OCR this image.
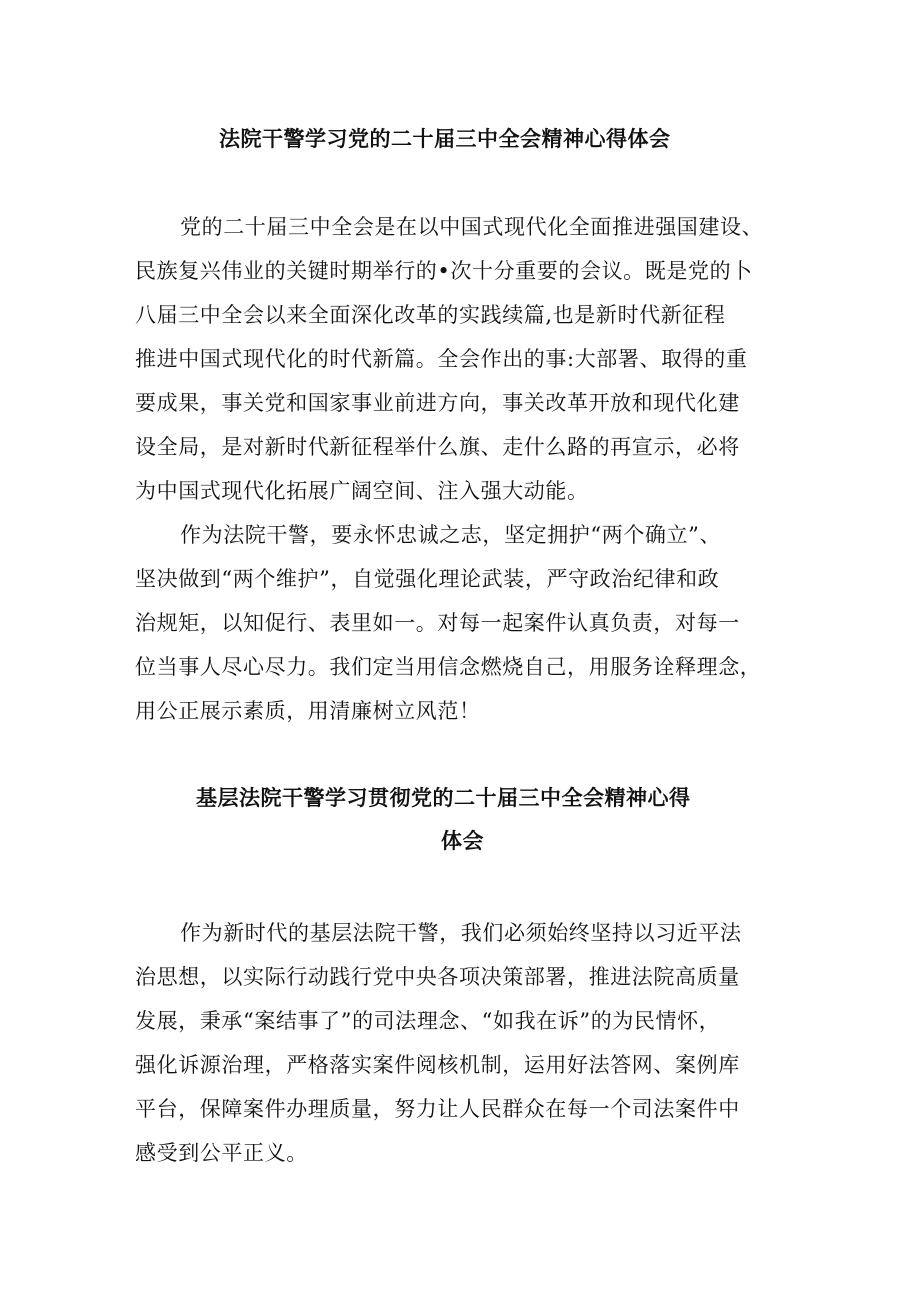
法院干警学习党的二十届三中全会精神心得体会
党的二十届三中全会是在以中国式现代化全面推进强国建设、
民族复兴伟业的关键时期举行的•次十分重要的会议。既是党的卜
八届三中全会以来全面深化改革的实践续篇,也是新时代新征程
推进中国式现代化的时代新篇。全会作出的事:大部署、取得的重
要成果，事关党和国家事业前进方向，事关改革开放和现代化建
设全局，是对新时代新征程举什么旗、走什么路的再宣示，必将
为中国式现代化拓展广阔空间、注入强大动能。
作为法院干警，要永怀忠诚之志，坚定拥护“两个确立”、
坚决做到“两个维护”，自觉强化理论武装，严守政治纪律和政
治规矩，以知促行、表里如一。对每一起案件认真负责，对每一
位当事人尽心尽力。我们定当用信念燃烧自己，用服务诠释理念，
用公正展示素质，用清廉树立风范！
基层法院干警学习贯彻党的二十届三中全会精神心得
体会
作为新时代的基层法院干警，我们必须始终坚持以习近平法
治思想，以实际行动践行党中央各项决策部署，推进法院高质量
发展，秉承“案结事了”的司法理念、“如我在诉”的为民情怀，
强化诉源治理，严格落实案件阅核机制，运用好法答网、案例库
平台，保障案件办理质量，努力让人民群众在每一个司法案件中
感受到公平正义。
